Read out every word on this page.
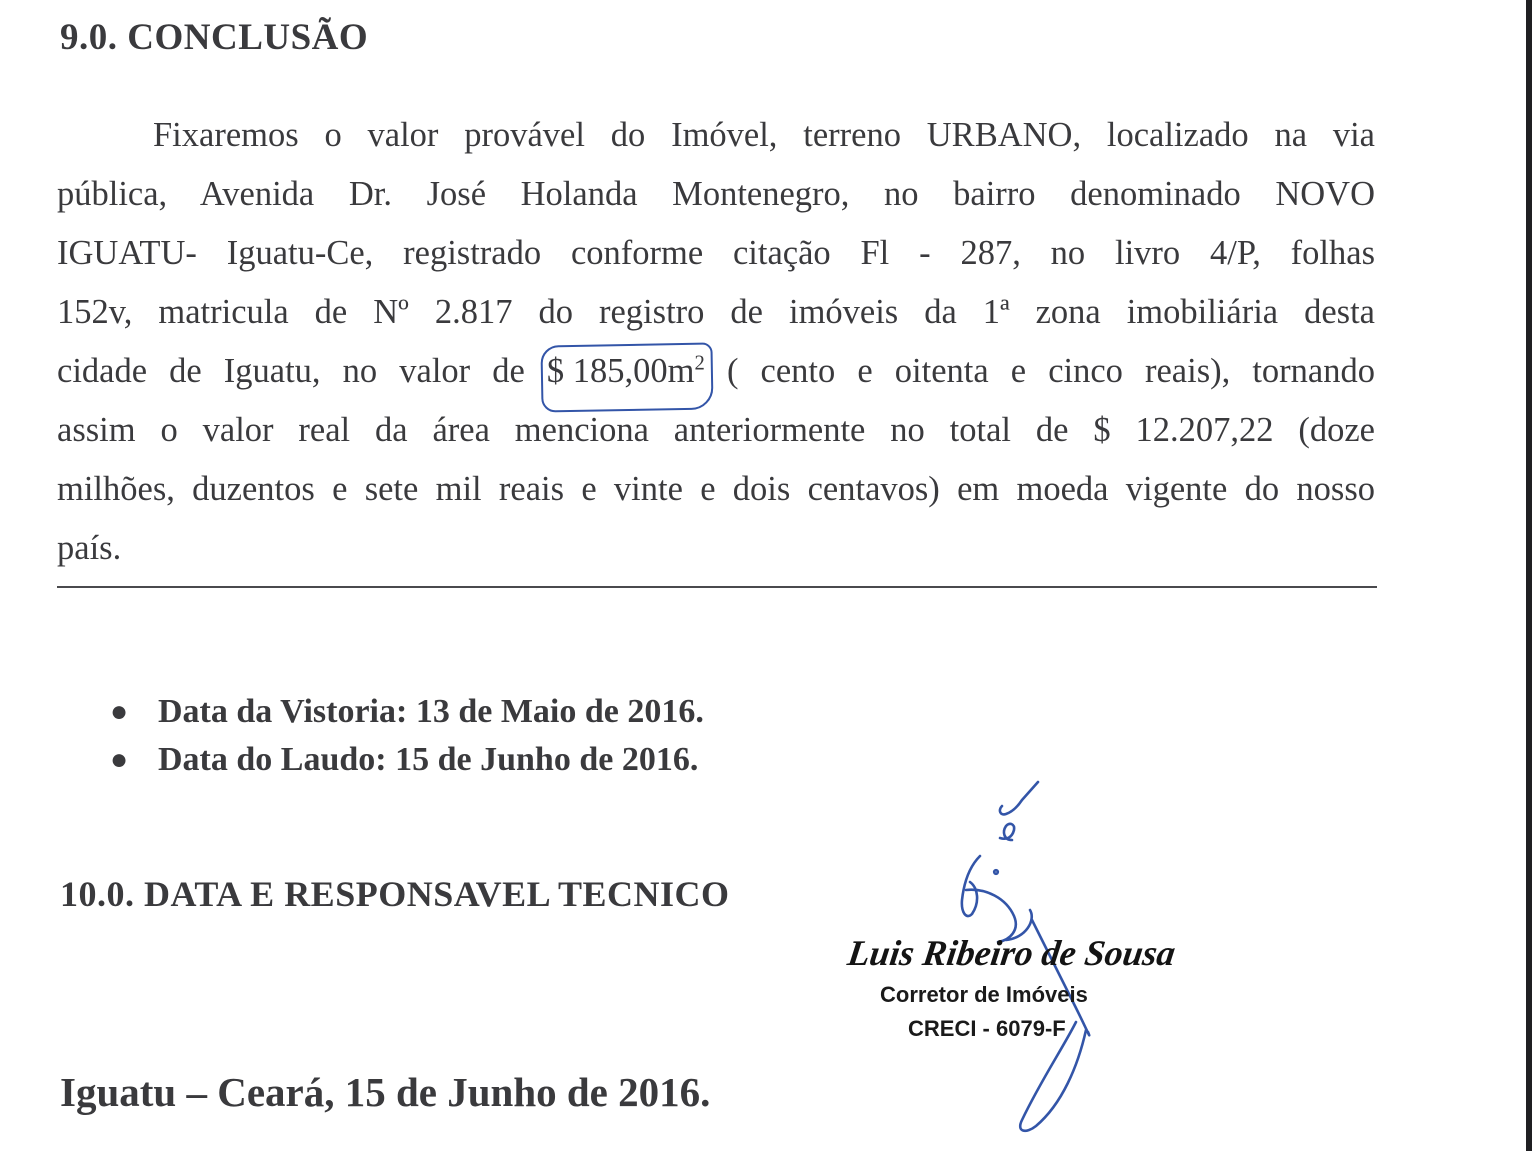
9.0. CONCLUSÃO
Fixaremos o valor provável do Imóvel, terreno URBANO, localizado na via
pública, Avenida Dr. José Holanda Montenegro, no bairro denominado NOVO
IGUATU- Iguatu-Ce, registrado conforme citação Fl - 287, no livro 4/P, folhas
152v, matricula de Nº 2.817 do registro de imóveis da 1ª zona imobiliária desta
cidade de Iguatu, no valor de $ $185,00m^2$ ( cento e oitenta e cinco reais), tornando
assim o valor real da área menciona anteriormente no total de $ 12.207,22 (doze
milhões, duzentos e sete mil reais e vinte e dois centavos) em moeda vigente do nosso
país.
● Data da Vistoria: 13 de Maio de 2016.
● Data do Laudo: 15 de Junho de 2016.
10.0. DATA E RESPONSAVEL TECNICO

Iguatu – Ceará, 15 de Junho de 2016.

Luis Ribeiro de Sousa
Corretor de Imóveis
CRECI - 6079-F
